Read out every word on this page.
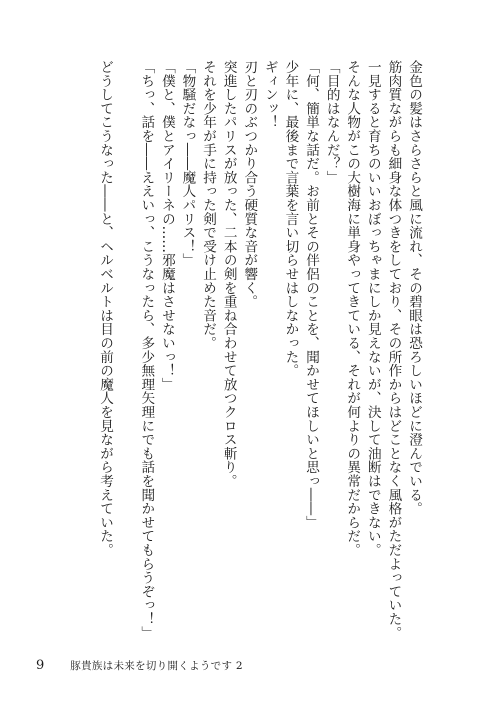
金色の髪はさらさらと風に流れ、その碧眼は恐ろしいほどに澄んでいる。
筋肉質ながらも細身な体つきをしており、その所作からはどことなく風格がただよっていた。
一見すると育ちのいいおぼっちゃまにしか見えないが、決して油断はできない。
そんな人物がこの大樹海に単身やってきている、それが何よりの異常だからだ。
「目的はなんだ？」
「何、簡単な話だ。お前とその伴侶のことを、聞かせてほしいと思っ――」
少年に、最後まで言葉を言い切らせはしなかった。
ギィンッ！
刃と刃のぶつかり合う硬質な音が響く。
突進したパリスが放った、二本の剣を重ね合わせて放つクロス斬り。
それを少年が手に持った剣で受け止めた音だ。
「物騒だなっ――魔人パリス！」
「僕と、僕とアイリーネの……邪魔はさせないっ！」
「ちっ、話を――ええいっ、こうなったら、多少無理矢理にでも話を聞かせてもらうぞっ！」
どうしてこうなった――と、ヘルベルトは目の前の魔人を見ながら考えていた。
9 豚貴族は未来を切り開くようです 2
